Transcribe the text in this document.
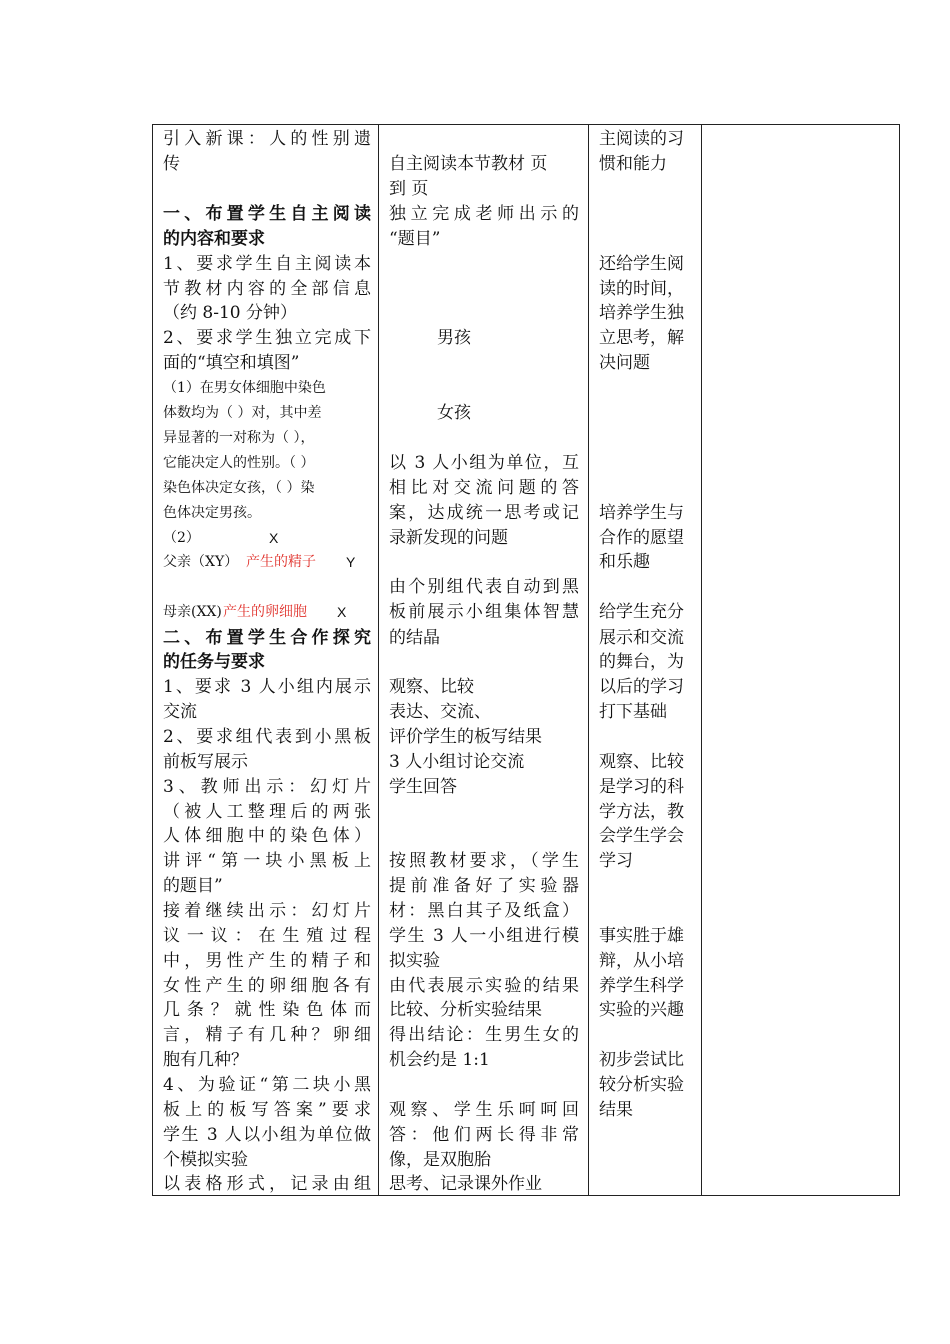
引入新课：人的性别遗
传
一、布置学生自主阅读
的内容和要求
1、要求学生自主阅读本
节教材内容的全部信息
（约 8-10 分钟）
2、要求学生独立完成下
面的“填空和填图”
（1）在男女体细胞中染色
体数均为（ ）对，其中差
异显著的一对称为（ ），
它能决定人的性别。（ ）
染色体决定女孩，（ ）染
色体决定男孩。
（2）	X
父亲（XY） 产生的精子 Y
母亲(XX) 产生的卵细胞 X
二、布置学生合作探究
的任务与要求
1、要求 3 人小组内展示
交流
2、要求组代表到小黑板
前板写展示
3、教师出示：幻灯片
（被人工整理后的两张
人体细胞中的染色体）
讲评“第一块小黑板上
的题目”
接着继续出示：幻灯片
议一议：在生殖过程
中，男性产生的精子和
女性产生的卵细胞各有
几条？就性染色体而
言，精子有几种？卵细
胞有几种？
4、为验证“第二块小黑
板上的板写答案”要求
学生 3 人以小组为单位做
个模拟实验
以表格形式，记录由组
自主阅读本节教材 页
到 页
独立完成老师出示的
“题目”
男孩
女孩
以 3 人小组为单位，互
相比对交流问题的答
案，达成统一思考或记
录新发现的问题
由个别组代表自动到黑
板前展示小组集体智慧
的结晶
观察、比较
表达、交流、
评价学生的板写结果
3 人小组讨论交流
学生回答
按照教材要求，（学生
提前准备好了实验器
材：黑白其子及纸盒）
学生 3 人一小组进行模
拟实验
由代表展示实验的结果
比较、分析实验结果
得出结论：生男生女的
机会约是 1:1
观察、学生乐呵呵回
答：他们两长得非常
像，是双胞胎
思考、记录课外作业
主阅读的习
惯和能力
还给学生阅
读的时间，
培养学生独
立思考，解
决问题
培养学生与
合作的愿望
和乐趣
给学生充分
展示和交流
的舞台，为
以后的学习
打下基础
观察、比较
是学习的科
学方法，教
会学生学会
学习
事实胜于雄
辩，从小培
养学生科学
实验的兴趣
初步尝试比
较分析实验
结果
